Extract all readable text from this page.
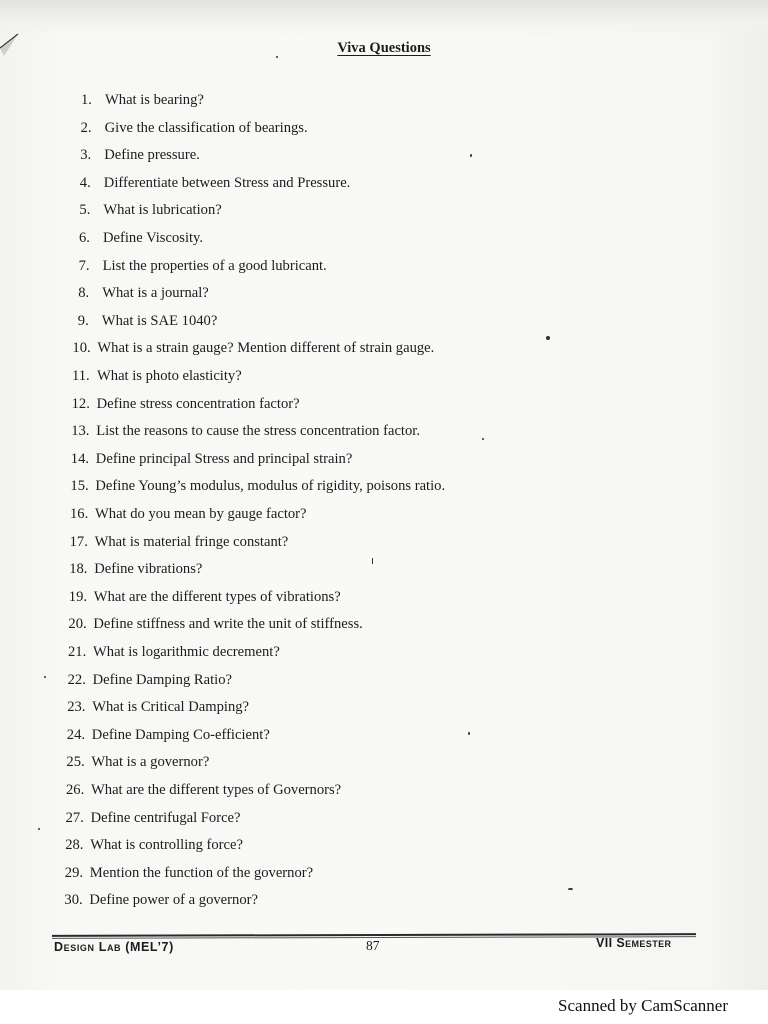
Viva Questions
1. What is bearing?
2. Give the classification of bearings.
3. Define pressure.
4. Differentiate between Stress and Pressure.
5. What is lubrication?
6. Define Viscosity.
7. List the properties of a good lubricant.
8. What is a journal?
9. What is SAE 1040?
10. What is a strain gauge? Mention different of strain gauge.
11. What is photo elasticity?
12. Define stress concentration factor?
13. List the reasons to cause the stress concentration factor.
14. Define principal Stress and principal strain?
15. Define Young’s modulus, modulus of rigidity, poisons ratio.
16. What do you mean by gauge factor?
17. What is material fringe constant?
18. Define vibrations?
19. What are the different types of vibrations?
20. Define stiffness and write the unit of stiffness.
21. What is logarithmic decrement?
22. Define Damping Ratio?
23. What is Critical Damping?
24. Define Damping Co-efficient?
25. What is a governor?
26. What are the different types of Governors?
27. Define centrifugal Force?
28. What is controlling force?
29. Mention the function of the governor?
30. Define power of a governor?
Design Lab (MEL’7)	87	VII Semester
Scanned by CamScanner
